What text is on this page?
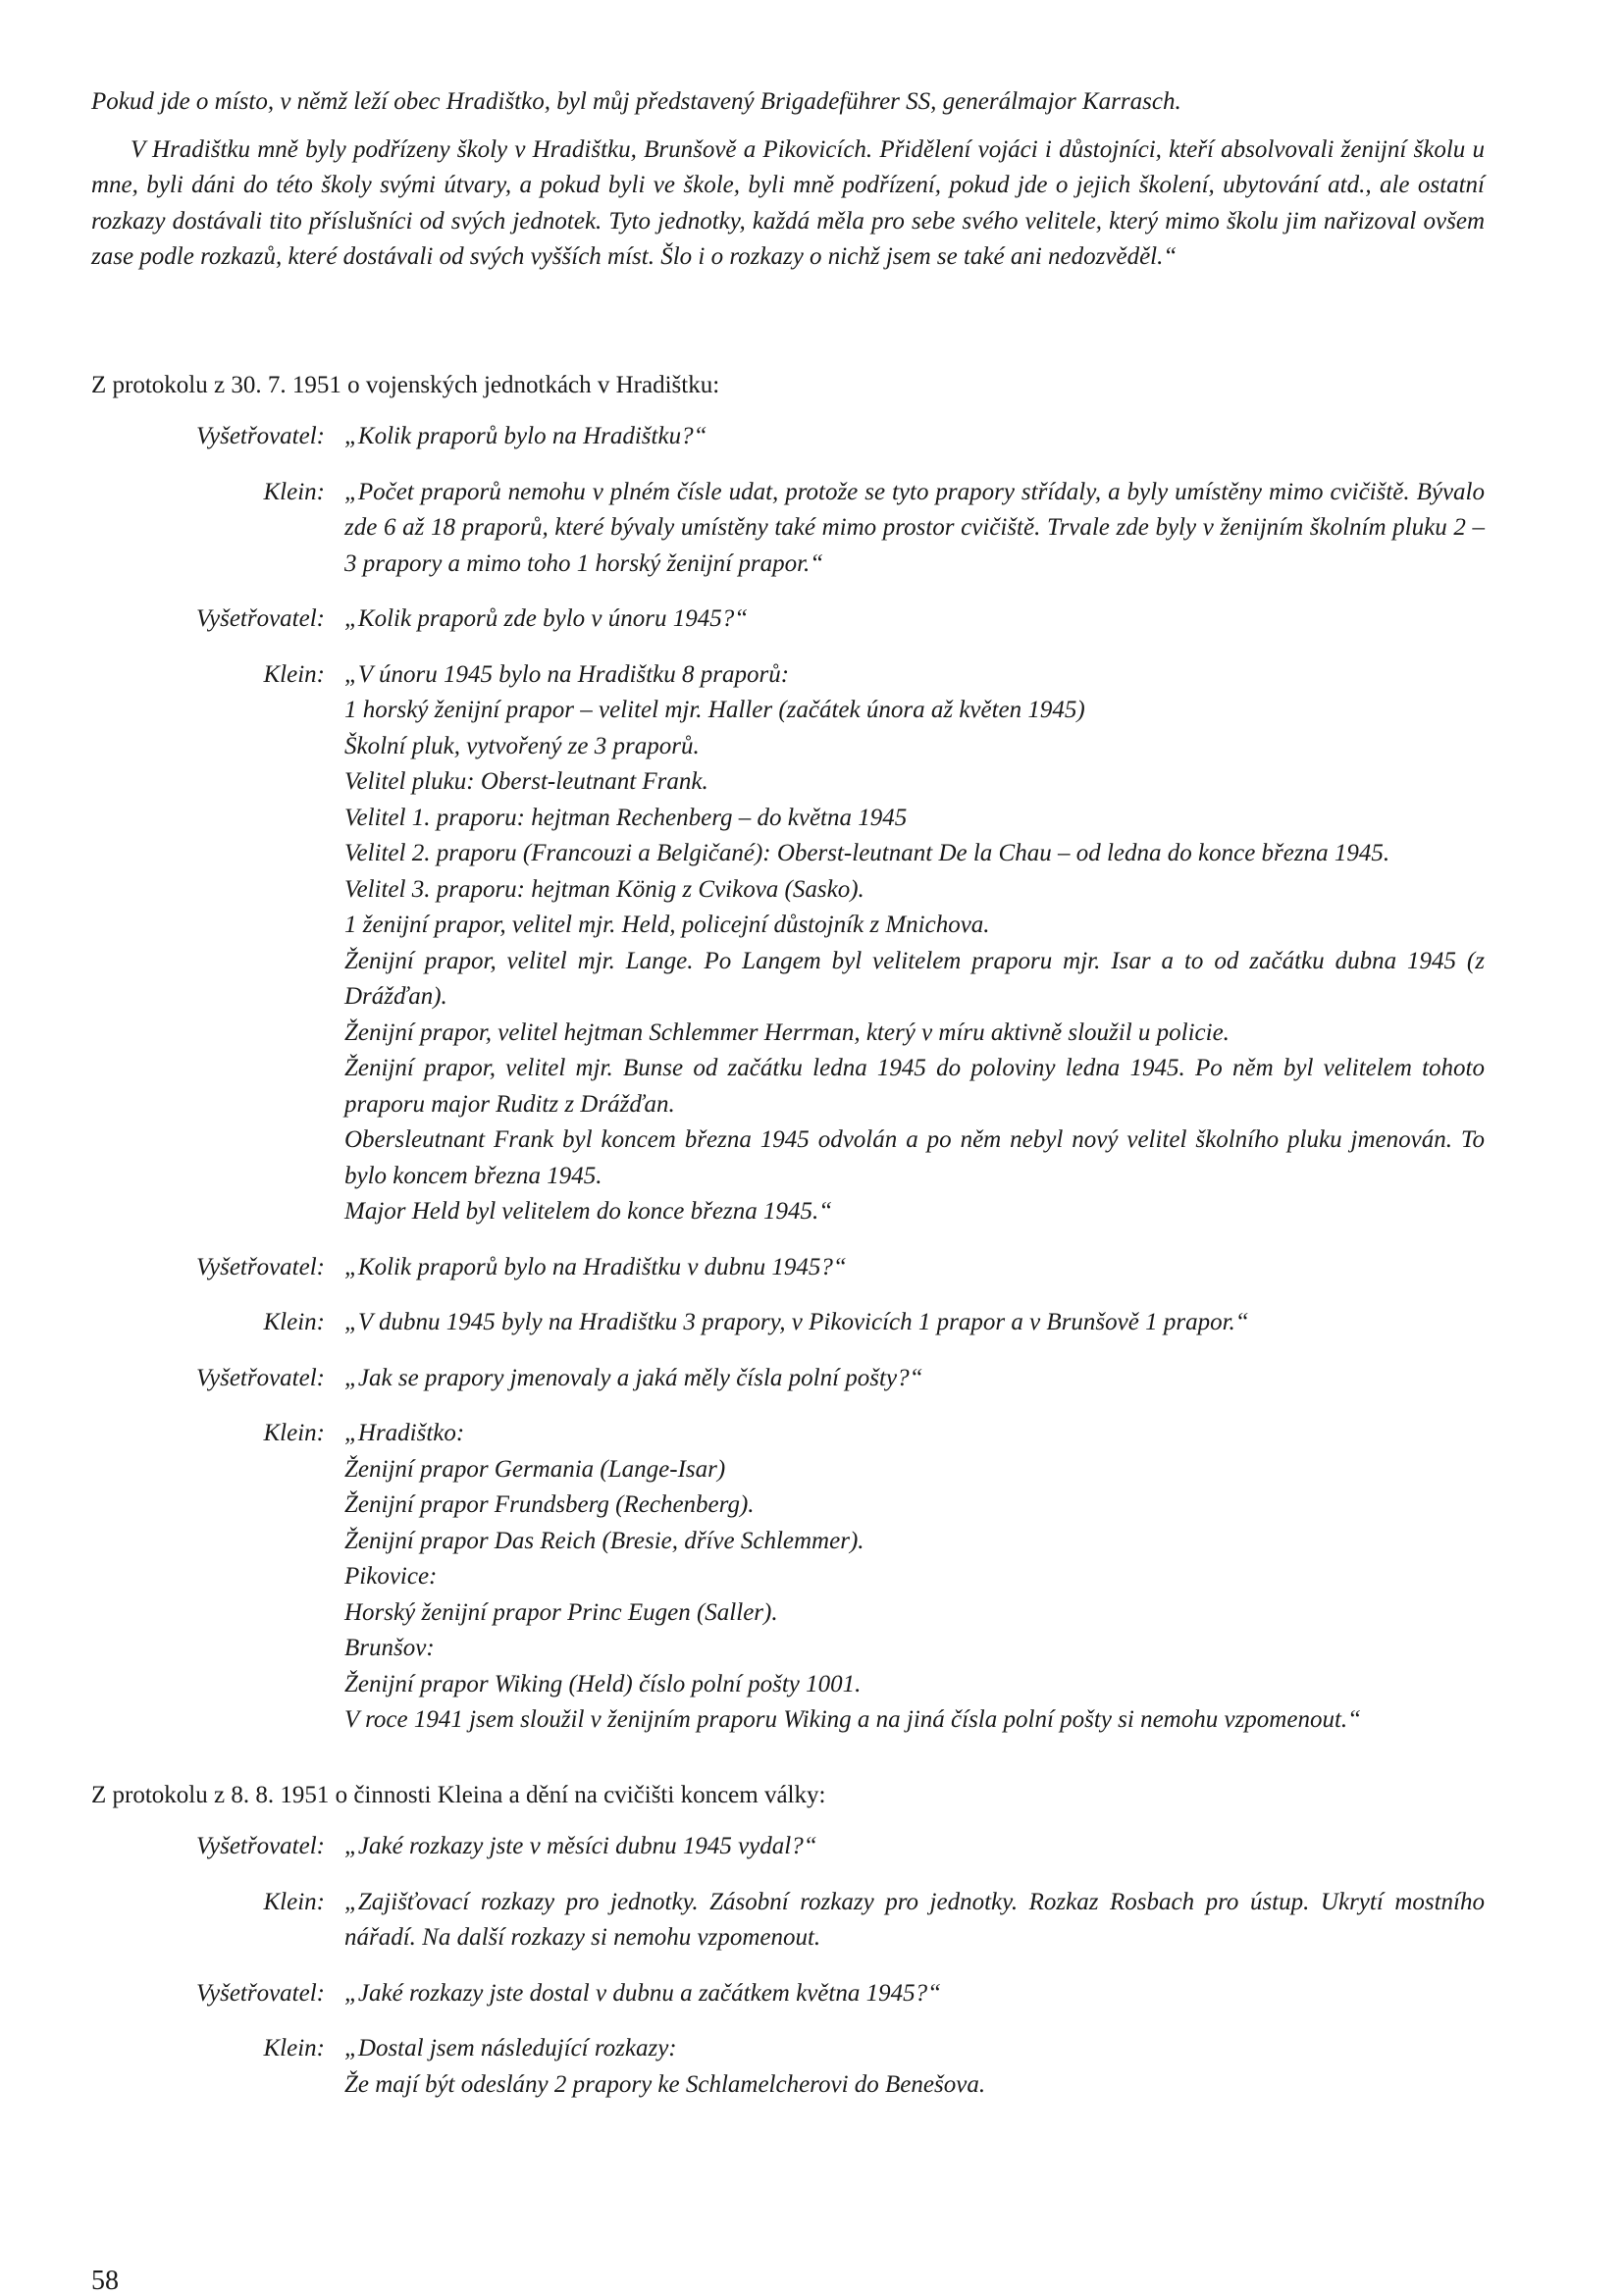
Pokud jde o místo, v němž leží obec Hradištko, byl můj představený Brigadeführer SS, generálmajor Karrasch.

V Hradištku mně byly podřízeny školy v Hradištku, Brunšově a Pikovicích. Přidělení vojáci i důstojníci, kteří absolvovali ženijní školu u mne, byli dáni do této školy svými útvary, a pokud byli ve škole, byli mně podřízení, pokud jde o jejich školení, ubytování atd., ale ostatní rozkazy dostávali tito příslušníci od svých jednotek. Tyto jednotky, každá měla pro sebe svého velitele, který mimo školu jim nařizoval ovšem zase podle rozkazů, které dostávali od svých vyšších míst. Šlo i o rozkazy o nichž jsem se také ani nedozvěděl.“

Z protokolu z 30. 7. 1951 o vojenských jednotkách v Hradištku:

Vyšetřovatel: „Kolik praporů bylo na Hradištku?“
Klein: „Počet praporů nemohu v plném čísle udat, protože se tyto prapory střídaly, a byly umístěny mimo cvičiště. Bývalo zde 6 až 18 praporů, které bývaly umístěny také mimo prostor cvičiště. Trvale zde byly v ženijním školním pluku 2 – 3 prapory a mimo toho 1 horský ženijní prapor.“
Vyšetřovatel: „Kolik praporů zde bylo v únoru 1945?“
Klein: „V únoru 1945 bylo na Hradištku 8 praporů:
1 horský ženijní prapor – velitel mjr. Haller (začátek února až květen 1945)
Školní pluk, vytvořený ze 3 praporů.
Velitel pluku: Oberst-leutnant Frank.
Velitel 1. praporu: hejtman Rechenberg – do května 1945
Velitel 2. praporu (Francouzi a Belgičané): Oberst-leutnant De la Chau – od ledna do konce března 1945.
Velitel 3. praporu: hejtman König z Cvikova (Sasko).
1 ženijní prapor, velitel mjr. Held, policejní důstojník z Mnichova.
Ženijní prapor, velitel mjr. Lange. Po Langem byl velitelem praporu mjr. Isar a to od začátku dubna 1945 (z Drážďan).
Ženijní prapor, velitel hejtman Schlemmer Herrman, který v míru aktivně sloužil u policie.
Ženijní prapor, velitel mjr. Bunse od začátku ledna 1945 do poloviny ledna 1945. Po něm byl velitelem tohoto praporu major Ruditz z Drážďan.
Obersleutnant Frank byl koncem března 1945 odvolán a po něm nebyl nový velitel školního pluku jmenován. To bylo koncem března 1945.
Major Held byl velitelem do konce března 1945.“
Vyšetřovatel: „Kolik praporů bylo na Hradištku v dubnu 1945?“
Klein: „V dubnu 1945 byly na Hradištku 3 prapory, v Pikovicích 1 prapor a v Brunšově 1 prapor.“
Vyšetřovatel: „Jak se prapory jmenovaly a jaká měly čísla polní pošty?“
Klein: „Hradištko:
Ženijní prapor Germania (Lange-Isar)
Ženijní prapor Frundsberg (Rechenberg).
Ženijní prapor Das Reich (Bresie, dříve Schlemmer).
Pikovice:
Horský ženijní prapor Princ Eugen (Saller).
Brunšov:
Ženijní prapor Wiking (Held) číslo polní pošty 1001.
V roce 1941 jsem sloužil v ženijním praporu Wiking a na jiná čísla polní pošty si nemohu vzpomenout.“

Z protokolu z 8. 8. 1951 o činnosti Kleina a dění na cvičišti koncem války:

Vyšetřovatel: „Jaké rozkazy jste v měsíci dubnu 1945 vydal?“
Klein: „Zajišťovací rozkazy pro jednotky. Zásobní rozkazy pro jednotky. Rozkaz Rosbach pro ústup. Ukrytí mostního nářadí. Na další rozkazy si nemohu vzpomenout.
Vyšetřovatel: „Jaké rozkazy jste dostal v dubnu a začátkem května 1945?“
Klein: „Dostal jsem následující rozkazy:
Že mají být odeslány 2 prapory ke Schlamelcherovi do Benešova.
58
